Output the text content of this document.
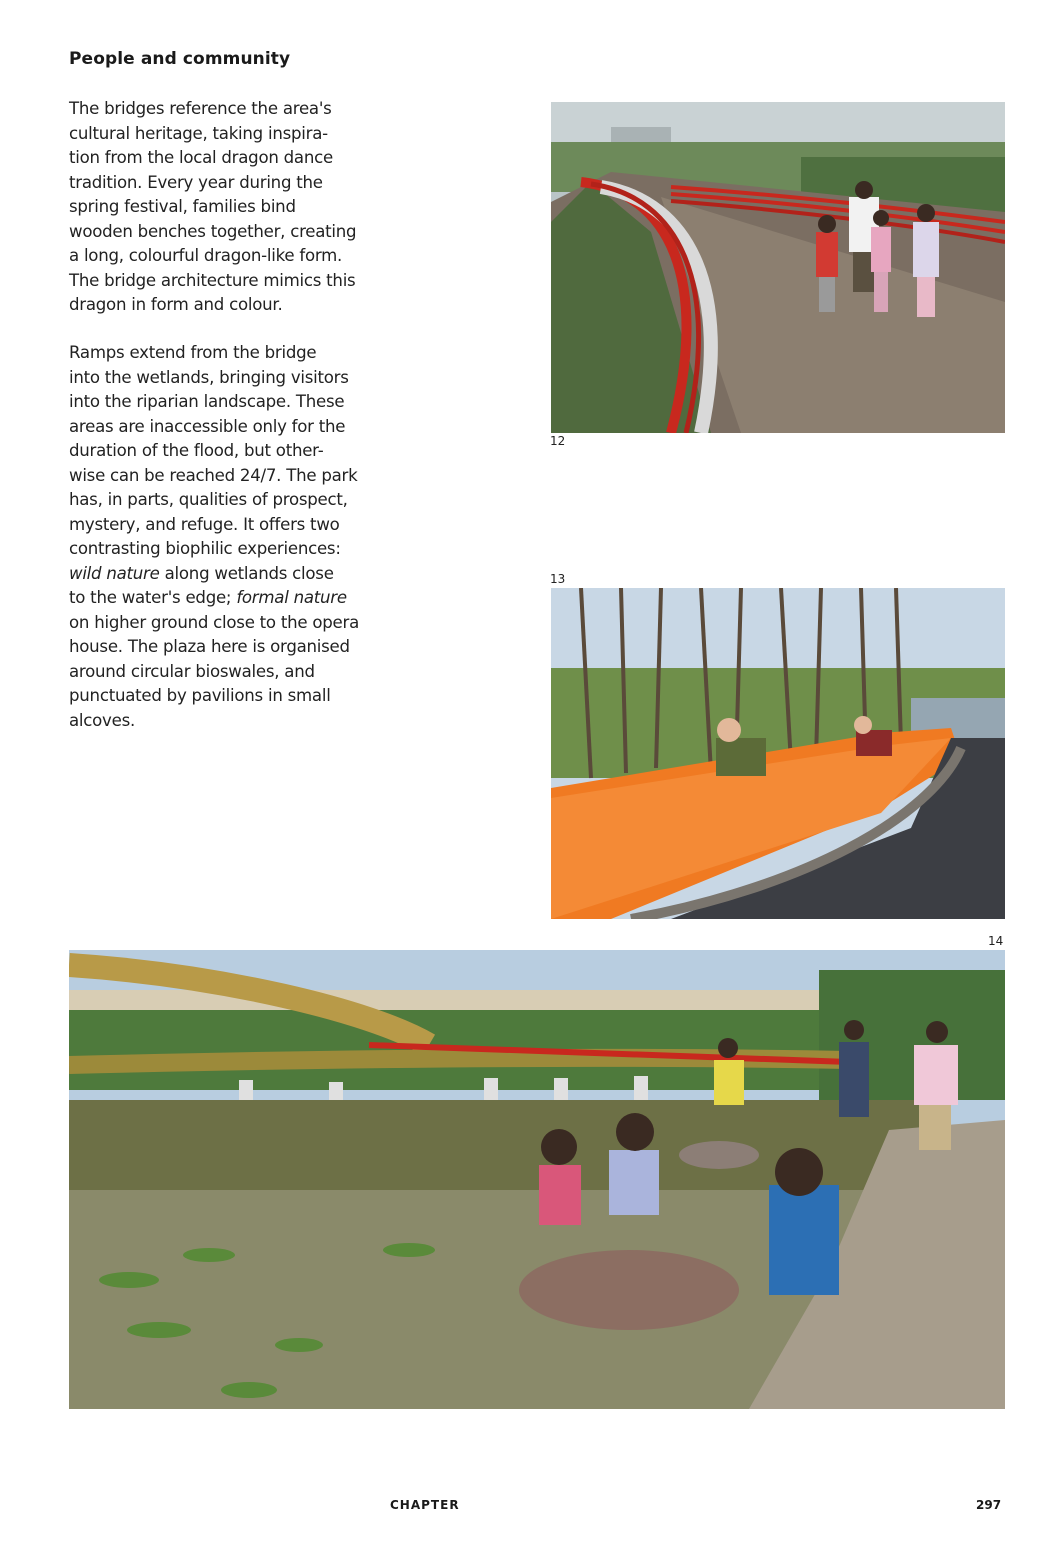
People and community

The bridges reference the area's
cultural heritage, taking inspira-
tion from the local dragon dance
tradition. Every year during the
spring festival, families bind
wooden benches together, creating
a long, colourful dragon-like form.
The bridge architecture mimics this
dragon in form and colour.

Ramps extend from the bridge
into the wetlands, bringing visitors
into the riparian landscape. These
areas are inaccessible only for the
duration of the flood, but other-
wise can be reached 24/7. The park
has, in parts, qualities of prospect,
mystery, and refuge. It offers two
contrasting biophilic experiences:
wild nature along wetlands close
to the water's edge; formal nature
on higher ground close to the opera
house. The plaza here is organised
around circular bioswales, and
punctuated by pavilions in small
alcoves.

12
13
14
CHAPTER	297
